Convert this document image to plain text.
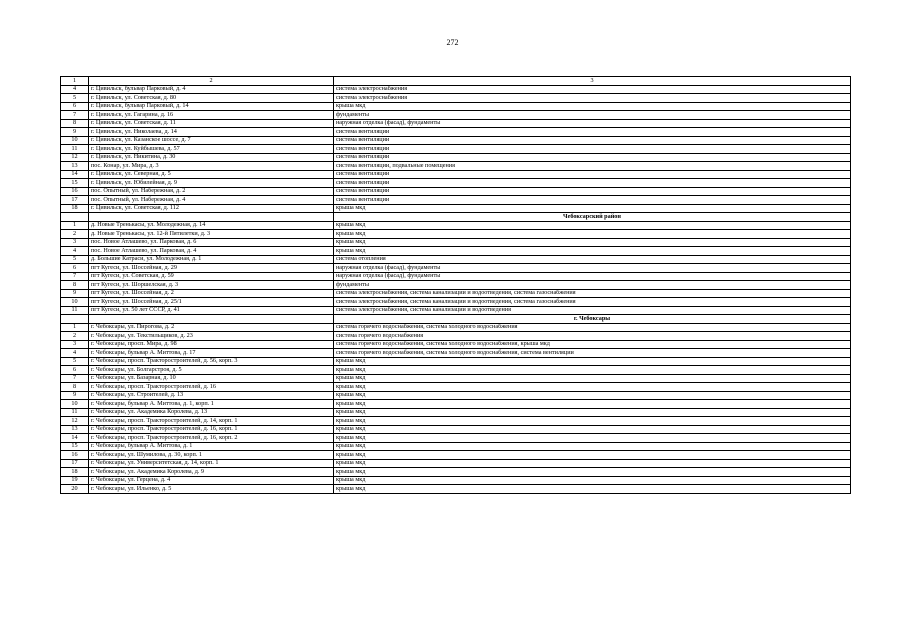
272
1	2	3
4	г. Цивильск, бульвар Парковый, д. 4	система электроснабжения
5	г. Цивильск, ул. Советская, д. 80	система электроснабжения
6	г. Цивильск, бульвар Парковый, д. 14	крыша мкд
7	г. Цивильск, ул. Гагарина, д. 16	фундаменты
8	г. Цивильск, ул. Советская, д. 11	наружная отделка (фасад), фундаменты
9	г. Цивильск, ул. Николаева, д. 14	система вентиляции
10	г. Цивильск, ул. Казанское шоссе, д. 7	система вентиляции
11	г. Цивильск, ул. Куйбышева, д. 57	система вентиляции
12	г. Цивильск, ул. Никитина, д. 30	система вентиляции
13	пос. Конар, ул. Мира, д. 3	система вентиляции, подвальные помещения
14	г. Цивильск, ул. Северная, д. 5	система вентиляции
15	г. Цивильск, ул. Юбилейная, д. 9	система вентиляции
16	пос. Опытный, ул. Набережная, д. 2	система вентиляции
17	пос. Опытный, ул. Набережная, д. 4	система вентиляции
18	г. Цивильск, ул. Советская, д. 112	крыша мкд
		Чебоксарский район
1	д. Новые Тренькасы, ул. Молодежная, д. 14	крыша мкд
2	д. Новые Тренькасы, ул. 12-й Пятилетки, д. 3	крыша мкд
3	пос. Новое Атлашево, ул. Парковая, д. 6	крыша мкд
4	пос. Новое Атлашево, ул. Парковая, д. 4	крыша мкд
5	д. Большие Катраси, ул. Молодежная, д. 1	система отопления
6	пгт Кугеси, ул. Шоссейная, д. 29	наружная отделка (фасад), фундаменты
7	пгт Кугеси, ул. Советская, д. 59	наружная отделка (фасад), фундаменты
8	пгт Кугеси, ул. Шоршелская, д. 3	фундаменты
9	пгт Кугеси, ул. Шоссейная, д. 2	система электроснабжения, система канализации и водоотведения, система газоснабжения
10	пгт Кугеси, ул. Шоссейная, д. 25/1	система электроснабжения, система канализации и водоотведения, система газоснабжения
11	пгт Кугеси, ул. 50 лет СССР, д. 41	система электроснабжения, система канализации и водоотведения
		г. Чебоксары
1	г. Чебоксары, ул. Пирогова, д. 2	система горячего водоснабжения, система холодного водоснабжения
2	г. Чебоксары, ул. Текстильщиков, д. 23	система горячего водоснабжения
3	г. Чебоксары, просп. Мира, д. 98	система горячего водоснабжения, система холодного водоснабжения, крыша мкд
4	г. Чебоксары, бульвар А. Миттова, д. 17	система горячего водоснабжения, система холодного водоснабжения, система вентиляции
5	г. Чебоксары, просп. Тракторостроителей, д. 56, корп. 3	крыша мкд
6	г. Чебоксары, ул. Болгарстроя, д. 5	крыша мкд
7	г. Чебоксары, ул. Базарная, д. 10	крыша мкд
8	г. Чебоксары, просп. Тракторостроителей, д. 16	крыша мкд
9	г. Чебоксары, ул. Строителей, д. 13	крыша мкд
10	г. Чебоксары, бульвар А. Миттова, д. 1, корп. 1	крыша мкд
11	г. Чебоксары, ул. Академика Королева, д. 13	крыша мкд
12	г. Чебоксары, просп. Тракторостроителей, д. 14, корп. 1	крыша мкд
13	г. Чебоксары, просп. Тракторостроителей, д. 16, корп. 1	крыша мкд
14	г. Чебоксары, просп. Тракторостроителей, д. 16, корп. 2	крыша мкд
15	г. Чебоксары, бульвар А. Миттова, д. 1	крыша мкд
16	г. Чебоксары, ул. Шумилова, д. 30, корп. 1	крыша мкд
17	г. Чебоксары, ул. Университетская, д. 14, корп. 1	крыша мкд
18	г. Чебоксары, ул. Академика Королева, д. 9	крыша мкд
19	г. Чебоксары, ул. Герцена, д. 4	крыша мкд
20	г. Чебоксары, ул. Ильенко, д. 5	крыша мкд
